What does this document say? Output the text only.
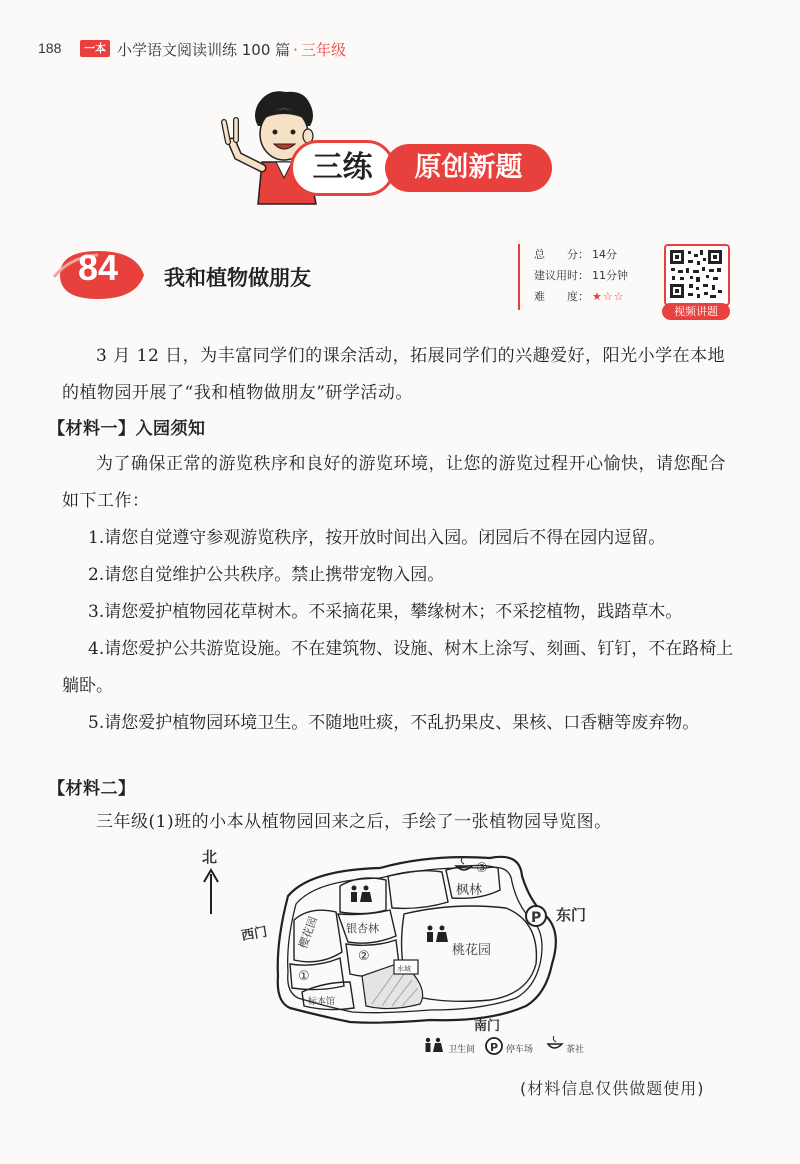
188	一本 小学语文阅读训练 100 篇 · 三年级
三练	原创新题
84	我和植物做朋友
总　　分： 14分
建议用时： 11分钟
难　　度： ★☆☆
视频讲题
3 月 12 日，为丰富同学们的课余活动，拓展同学们的兴趣爱好，阳光小学在本地的植物园开展了“我和植物做朋友”研学活动。
【材料一】入园须知
为了确保正常的游览秩序和良好的游览环境，让您的游览过程开心愉快，请您配合如下工作：
1.请您自觉遵守参观游览秩序，按开放时间出入园。闭园后不得在园内逗留。
2.请您自觉维护公共秩序。禁止携带宠物入园。
3.请您爱护植物园花草树木。不采摘花果，攀缘树木；不采挖植物，践踏草木。
4.请您爱护公共游览设施。不在建筑物、设施、树木上涂写、刻画、钉钉，不在路椅上躺卧。
5.请您爱护植物园环境卫生。不随地吐痰，不乱扔果皮、果核、口香糖等废弃物。
【材料二】
三年级(1)班的小本从植物园回来之后，手绘了一张植物园导览图。
北
枫林
银杏林
樱花园
桃花园
标本馆
水域
①
②
③
P
西门
东门
南门
卫生间 P 停车场	茶社
(材料信息仅供做题使用)
